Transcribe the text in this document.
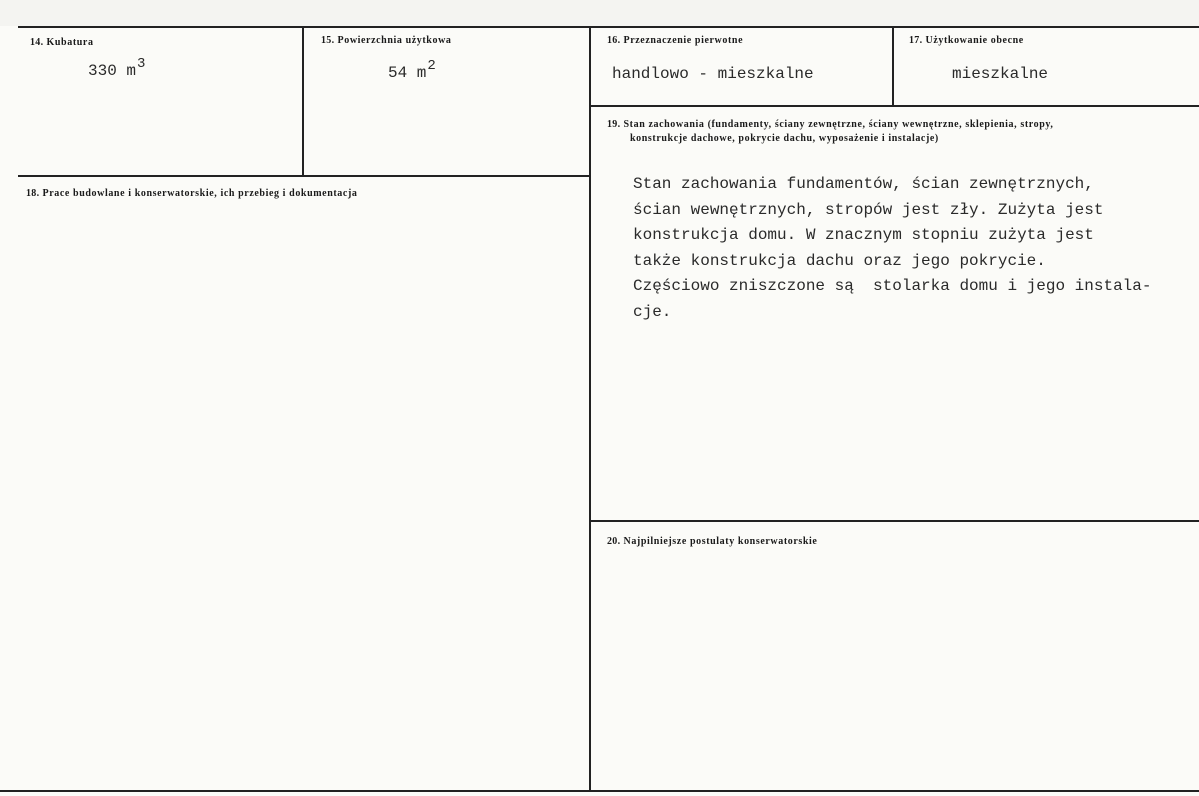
14. Kubatura
330 m3
15. Powierzchnia użytkowa
54 m2
16. Przeznaczenie pierwotne
handlowo - mieszkalne
17. Użytkowanie obecne
mieszkalne
18. Prace budowlane i konserwatorskie, ich przebieg i dokumentacja
19. Stan zachowania (fundamenty, ściany zewnętrzne, ściany wewnętrzne, sklepienia, stropy,
konstrukcje dachowe, pokrycie dachu, wyposażenie i instalacje)
Stan zachowania fundamentów, ścian zewnętrznych,
ścian wewnętrznych, stropów jest zły. Zużyta jest
konstrukcja domu. W znacznym stopniu zużyta jest
także konstrukcja dachu oraz jego pokrycie.
Częściowo zniszczone są  stolarka domu i jego instala-
cje.
20. Najpilniejsze postulaty konserwatorskie
